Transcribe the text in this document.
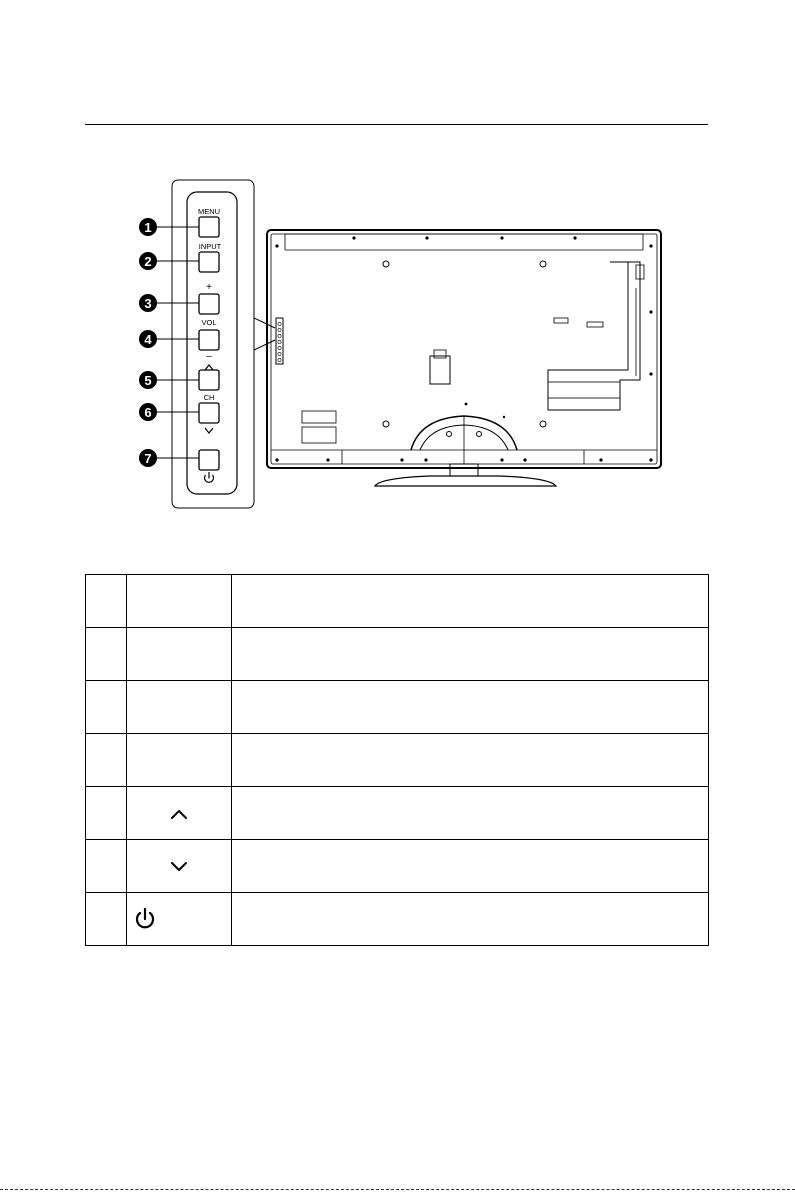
MENU
INPUT
+
VOL
–
CH
1
2
3
4
5
6
7
